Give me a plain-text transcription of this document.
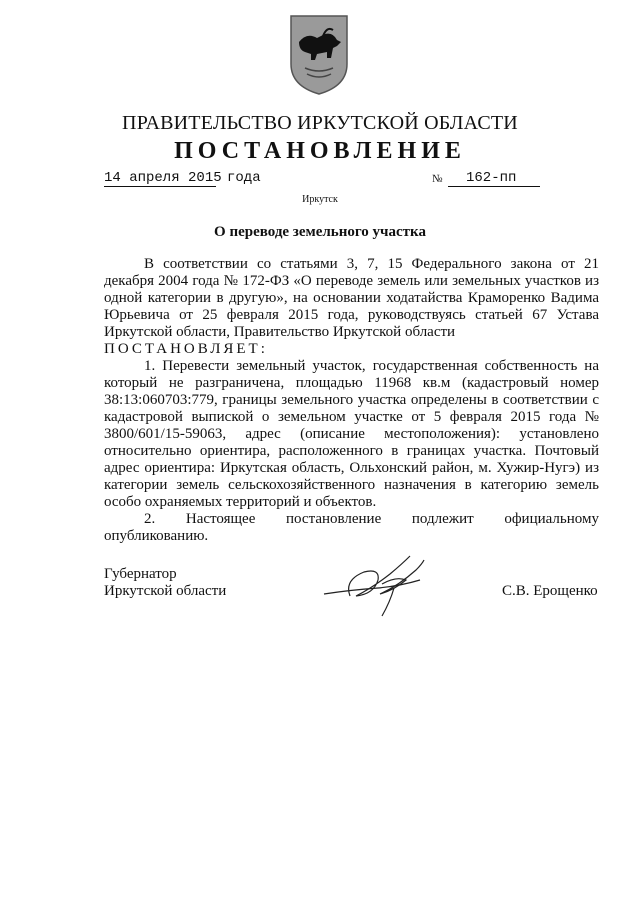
ПРАВИТЕЛЬСТВО ИРКУТСКОЙ ОБЛАСТИ
ПОСТАНОВЛЕНИЕ
14 апреля 2015 года	№ 162-пп
Иркутск
О переводе земельного участка

В соответствии со статьями 3, 7, 15 Федерального закона от 21 декабря 2004 года № 172-ФЗ «О переводе земель или земельных участков из одной категории в другую», на основании ходатайства Краморенко Вадима Юрьевича от 25 февраля 2015 года, руководствуясь статьей 67 Устава Иркутской области, Правительство Иркутской области

ПОСТАНОВЛЯЕТ:

1. Перевести земельный участок, государственная собственность на который не разграничена, площадью 11968 кв.м (кадастровый номер 38:13:060703:779, границы земельного участка определены в соответствии с кадастровой выпиской о земельном участке от 5 февраля 2015 года № 3800/601/15-59063, адрес (описание местоположения): установлено относительно ориентира, расположенного в границах участка. Почтовый адрес ориентира: Иркутская область, Ольхонский район, м. Хужир-Нугэ) из категории земель сельскохозяйственного назначения в категорию земель особо охраняемых территорий и объектов.

2. Настоящее постановление подлежит официальному опубликованию.

Губернатор
Иркутской области	С.В. Ерощенко
